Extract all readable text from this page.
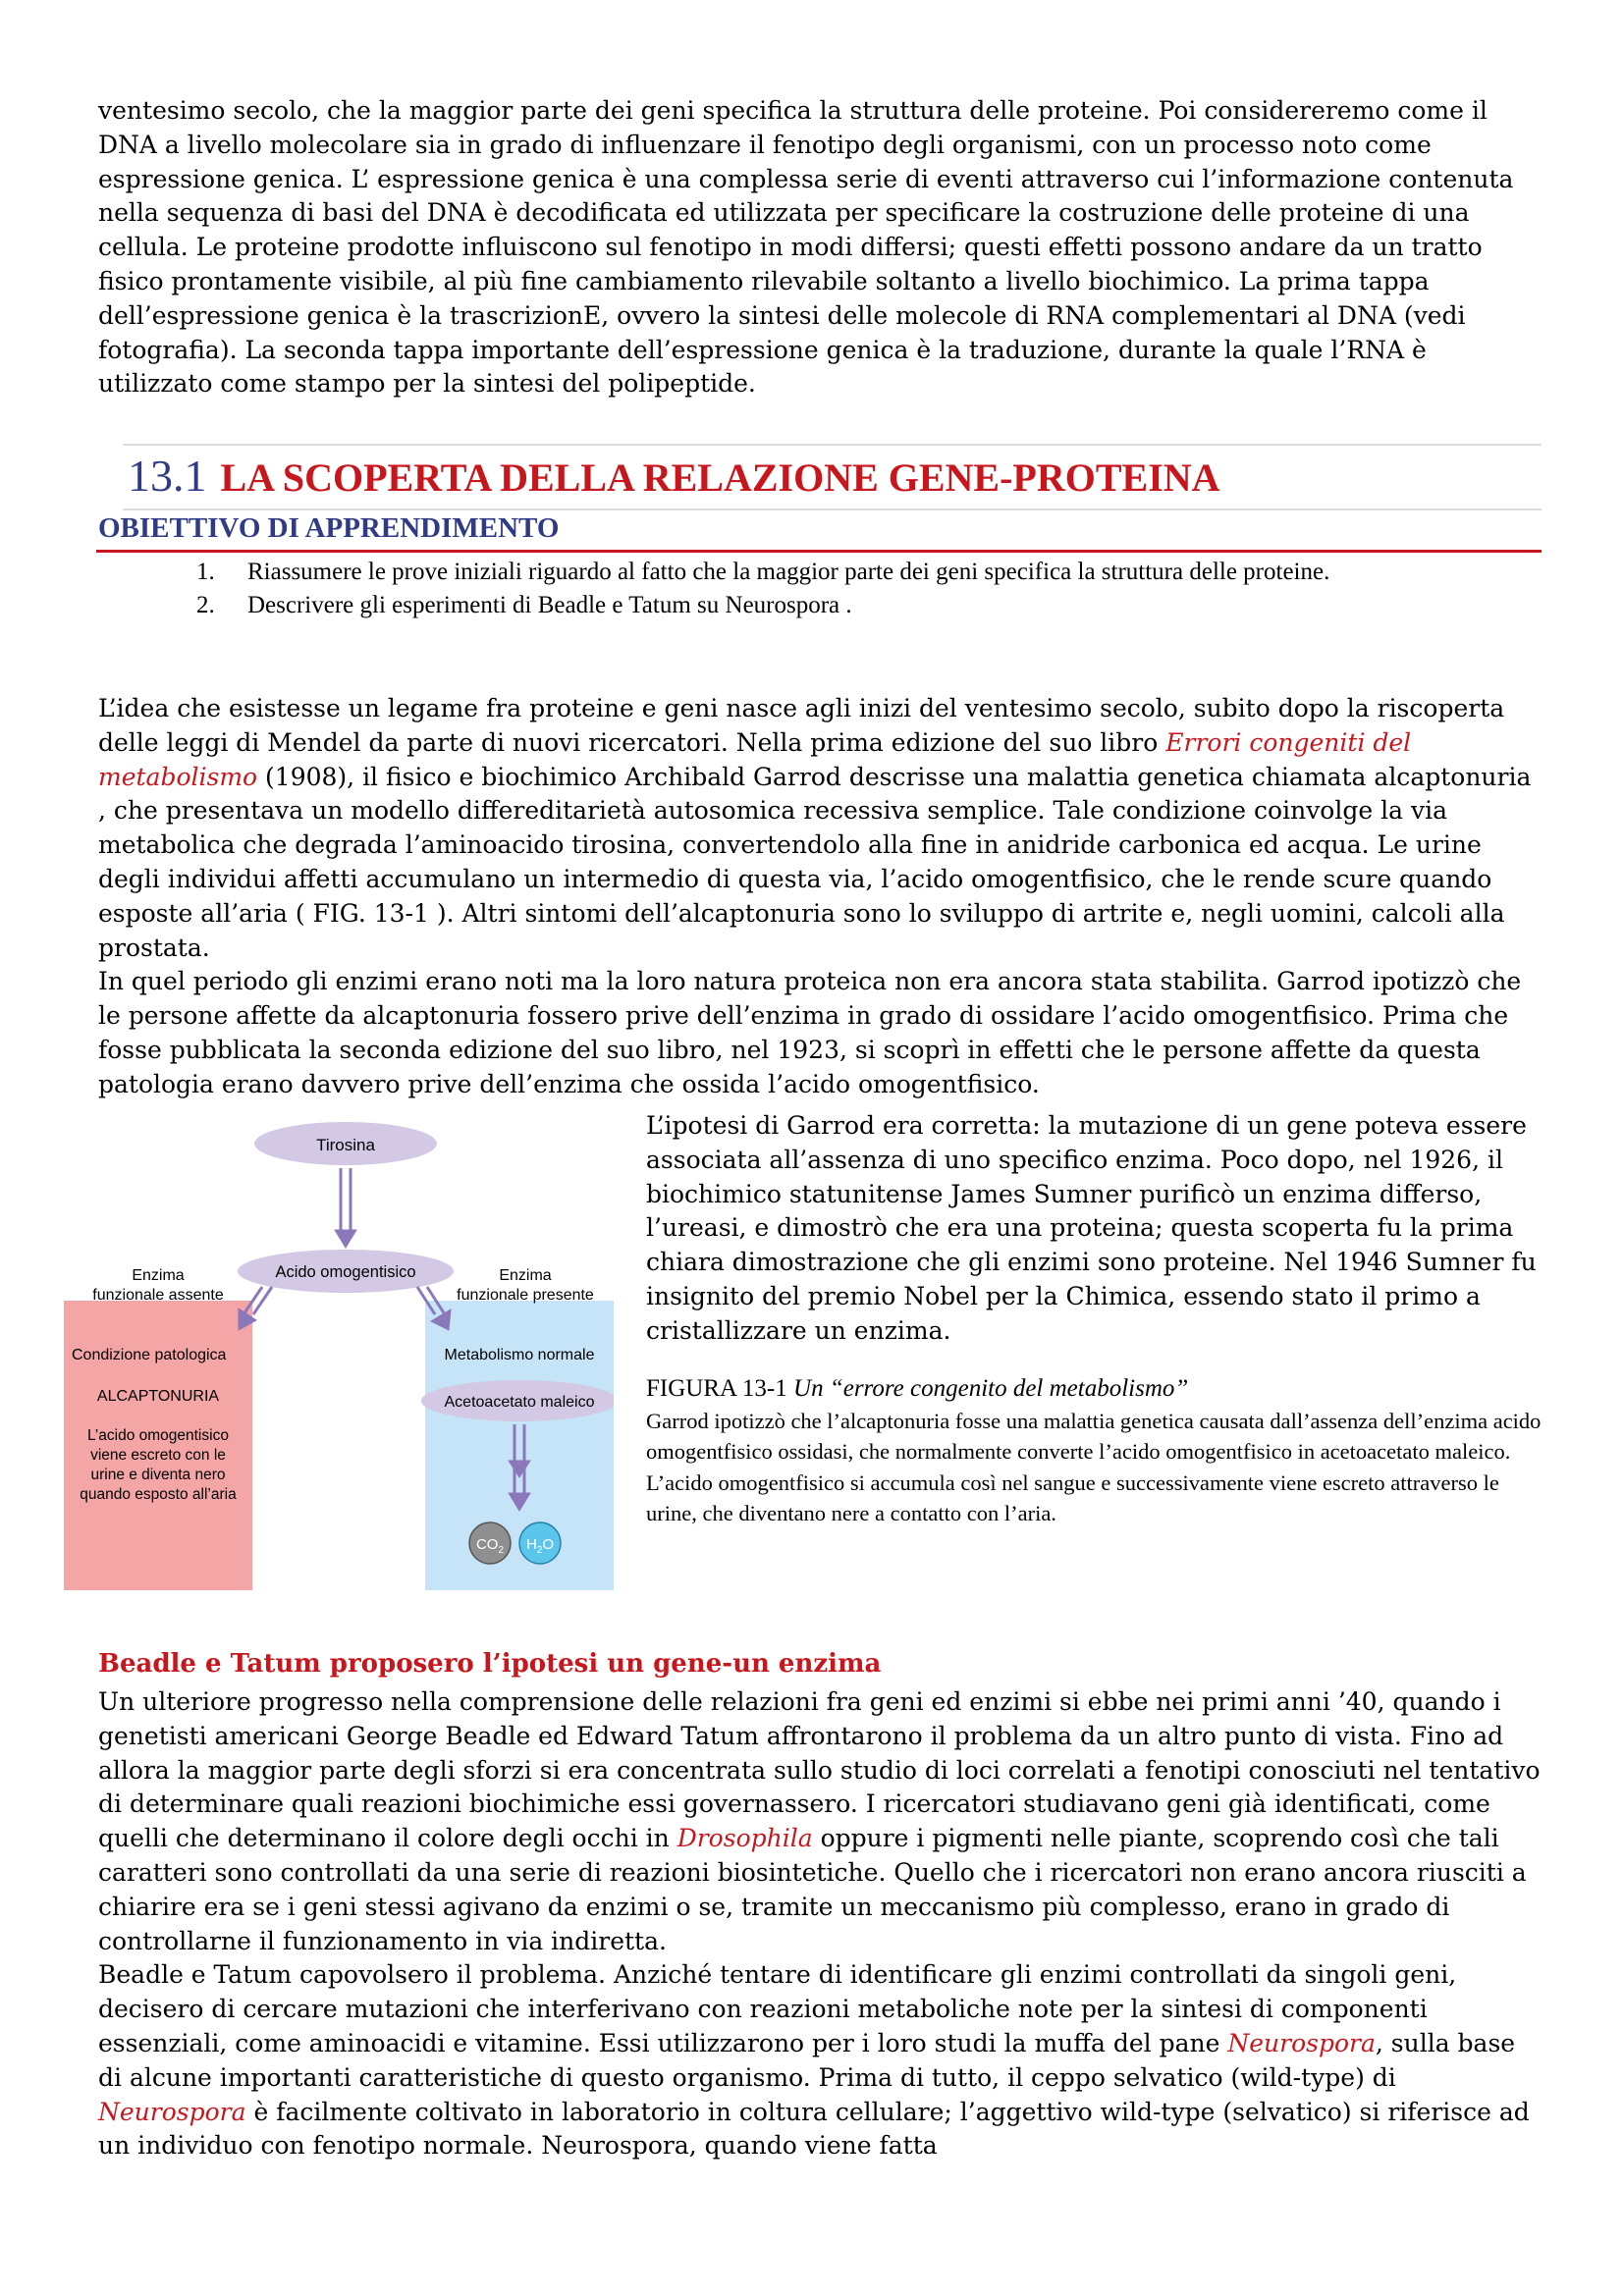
ventesimo secolo, che la maggior parte dei geni specifica la struttura delle proteine. Poi considereremo come il DNA a livello molecolare sia in grado di influenzare il fenotipo degli organismi, con un processo noto come espressione genica. L’ espressione genica è una complessa serie di eventi attraverso cui l’informazione contenuta nella sequenza di basi del DNA è decodificata ed utilizzata per specificare la costruzione delle proteine di una cellula. Le proteine prodotte influiscono sul fenotipo in modi differsi; questi effetti possono andare da un tratto fisico prontamente visibile, al più fine cambiamento rilevabile soltanto a livello biochimico. La prima tappa dell’espressione genica è la trascrizionE, ovvero la sintesi delle molecole di RNA complementari al DNA (vedi fotografia). La seconda tappa importante dell’espressione genica è la traduzione, durante la quale l’RNA è utilizzato come stampo per la sintesi del polipeptide.

13.1 LA SCOPERTA DELLA RELAZIONE GENE-PROTEINA
OBIETTIVO DI APPRENDIMENTO
1. Riassumere le prove iniziali riguardo al fatto che la maggior parte dei geni specifica la struttura delle proteine.
2. Descrivere gli esperimenti di Beadle e Tatum su Neurospora .

L’idea che esistesse un legame fra proteine e geni nasce agli inizi del ventesimo secolo, subito dopo la riscoperta delle leggi di Mendel da parte di nuovi ricercatori. Nella prima edizione del suo libro Errori congeniti del metabolismo (1908), il fisico e biochimico Archibald Garrod descrisse una malattia genetica chiamata alcaptonuria , che presentava un modello differeditarietà autosomica recessiva semplice. Tale condizione coinvolge la via metabolica che degrada l’aminoacido tirosina, convertendolo alla fine in anidride carbonica ed acqua. Le urine degli individui affetti accumulano un intermedio di questa via, l’acido omogentfisico, che le rende scure quando esposte all’aria ( FIG. 13-1 ). Altri sintomi dell’alcaptonuria sono lo sviluppo di artrite e, negli uomini, calcoli alla prostata.

In quel periodo gli enzimi erano noti ma la loro natura proteica non era ancora stata stabilita. Garrod ipotizzò che le persone affette da alcaptonuria fossero prive dell’enzima in grado di ossidare l’acido omogentfisico. Prima che fosse pubblicata la seconda edizione del suo libro, nel 1923, si scoprì in effetti che le persone affette da questa patologia erano davvero prive dell’enzima che ossida l’acido omogentfisico.

Tirosina
Acido omogentisico
Enzima
funzionale assente
Enzima
funzionale presente
Condizione patologica
ALCAPTONURIA
L’acido omogentisico
viene escreto con le
urine e diventa nero
quando esposto all’aria
Metabolismo normale
Acetoacetato maleico
$CO_2$ $H_2O$

L’ipotesi di Garrod era corretta: la mutazione di un gene poteva essere associata all’assenza di uno specifico enzima. Poco dopo, nel 1926, il biochimico statunitense James Sumner purificò un enzima differso, l’ureasi, e dimostrò che era una proteina; questa scoperta fu la prima chiara dimostrazione che gli enzimi sono proteine. Nel 1946 Sumner fu insignito del premio Nobel per la Chimica, essendo stato il primo a cristallizzare un enzima.

FIGURA 13-1 Un “errore congenito del metabolismo”
Garrod ipotizzò che l’alcaptonuria fosse una malattia genetica causata dall’assenza dell’enzima acido omogentfisico ossidasi, che normalmente converte l’acido omogentfisico in acetoacetato maleico. L’acido omogentfisico si accumula così nel sangue e successivamente viene escreto attraverso le urine, che diventano nere a contatto con l’aria.
Beadle e Tatum proposero l’ipotesi un gene-un enzima

Un ulteriore progresso nella comprensione delle relazioni fra geni ed enzimi si ebbe nei primi anni ’40, quando i genetisti americani George Beadle ed Edward Tatum affrontarono il problema da un altro punto di vista. Fino ad allora la maggior parte degli sforzi si era concentrata sullo studio di loci correlati a fenotipi conosciuti nel tentativo di determinare quali reazioni biochimiche essi governassero. I ricercatori studiavano geni già identificati, come quelli che determinano il colore degli occhi in Drosophila oppure i pigmenti nelle piante, scoprendo così che tali caratteri sono controllati da una serie di reazioni biosintetiche. Quello che i ricercatori non erano ancora riusciti a chiarire era se i geni stessi agivano da enzimi o se, tramite un meccanismo più complesso, erano in grado di controllarne il funzionamento in via indiretta.

Beadle e Tatum capovolsero il problema. Anziché tentare di identificare gli enzimi controllati da singoli geni, decisero di cercare mutazioni che interferivano con reazioni metaboliche note per la sintesi di componenti essenziali, come aminoacidi e vitamine. Essi utilizzarono per i loro studi la muffa del pane Neurospora, sulla base di alcune importanti caratteristiche di questo organismo. Prima di tutto, il ceppo selvatico (wild-type) di Neurospora è facilmente coltivato in laboratorio in coltura cellulare; l’aggettivo wild-type (selvatico) si riferisce ad un individuo con fenotipo normale. Neurospora, quando viene fatta
